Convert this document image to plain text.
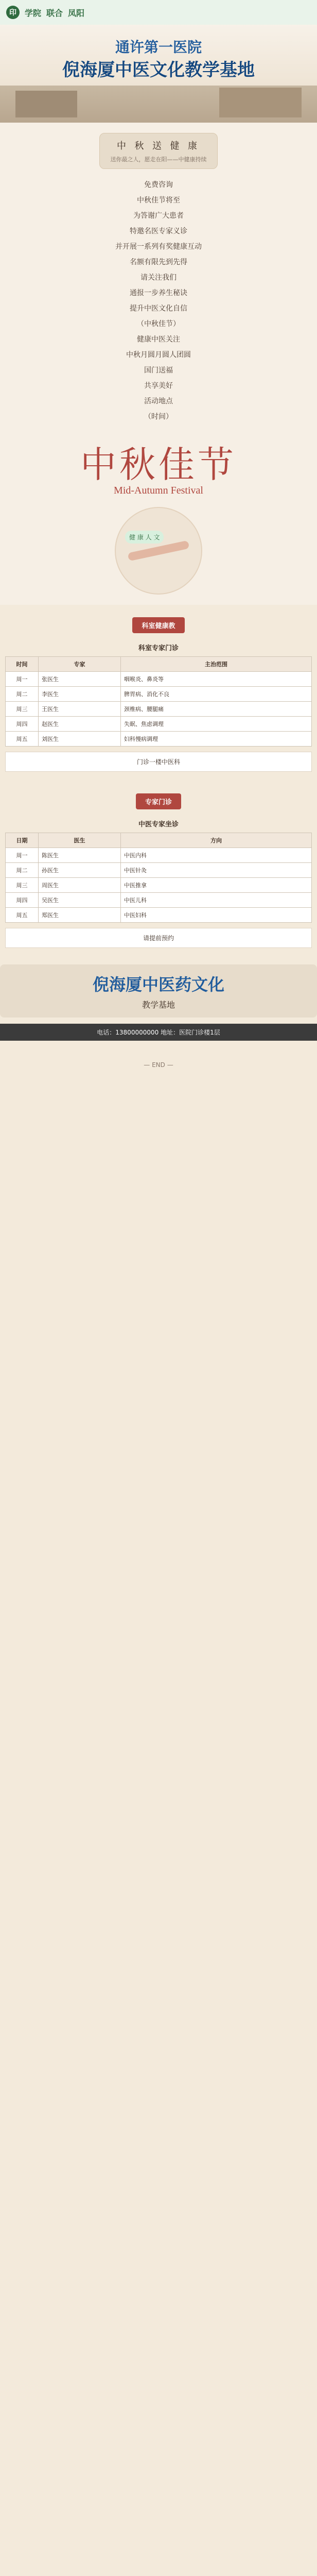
印	学院 联合 凤阳
通许第一医院
倪海厦中医文化教学基地
中 秋 送 健 康
送你最之人，愿走在阳——中健康持续
免费咨询
中秋佳节将至
为答谢广大患者
特邀名医专家义诊
并开展一系列有奖健康互动
名额有限先到先得
请关注我们
通报一步养生秘诀
提升中医文化自信
（中秋佳节）
健康中医关注
中秋月圆月圆人团圆
国门送福
共享美好
活动地点
（时间）
中秋佳节
Mid-Autumn Festival
健 康 人 文
科室健康教
科室专家门诊
时间	专家	主治范围
周一	张医生	咽喉炎、鼻炎等
周二	李医生	脾胃病、消化不良
周三	王医生	颈椎病、腰腿痛
周四	赵医生	失眠、焦虑调理
周五	刘医生	妇科慢病调理
门诊一楼中医科
专家门诊
中医专家坐诊
日期	医生	方向
周一	陈医生	中医内科
周二	孙医生	中医针灸
周三	周医生	中医推拿
周四	吴医生	中医儿科
周五	郑医生	中医妇科
请提前预约
倪海厦中医药文化
教学基地
电话：13800000000 地址：医院门诊楼1层
— END —
